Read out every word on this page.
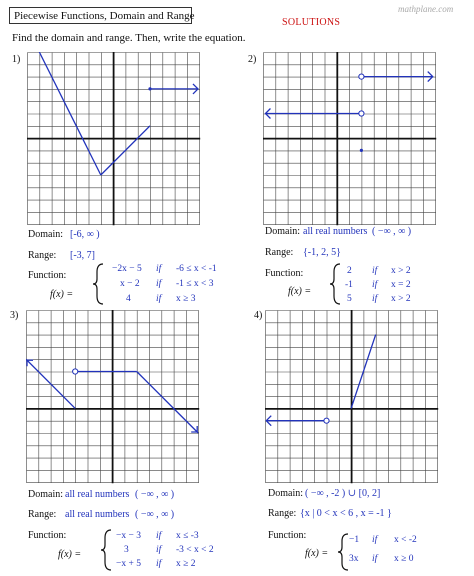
Piecewise Functions, Domain and Range
SOLUTIONS
mathplane.com
Find the domain and range. Then, write the equation.
1)	2)
3)	4)
Domain: [-6, ∞ )
Range: [-3, 7]
Function:
f(x) =
−2x − 5 if -6 ≤ x < -1
x − 2 if -1 ≤ x < 3
4	if x ≥ 3
Domain: all real numbers ( −∞ , ∞ )
Range: {-1, 2, 5}
Function:
f(x) =
2 if x > 2
-1 if x = 2
5 if x > 2
Domain: all real numbers ( −∞ , ∞ )
Range: all real numbers ( −∞ , ∞ )
Function:
f(x) =
−x − 3 if x ≤ -3
3	if -3 < x < 2
−x + 5 if x ≥ 2
Domain: ( −∞ , -2 ) ∪ [0, 2]
Range: {x | 0 < x < 6 , x = -1 }
Function:
f(x) =
−1 if x < -2
3x if x ≥ 0
